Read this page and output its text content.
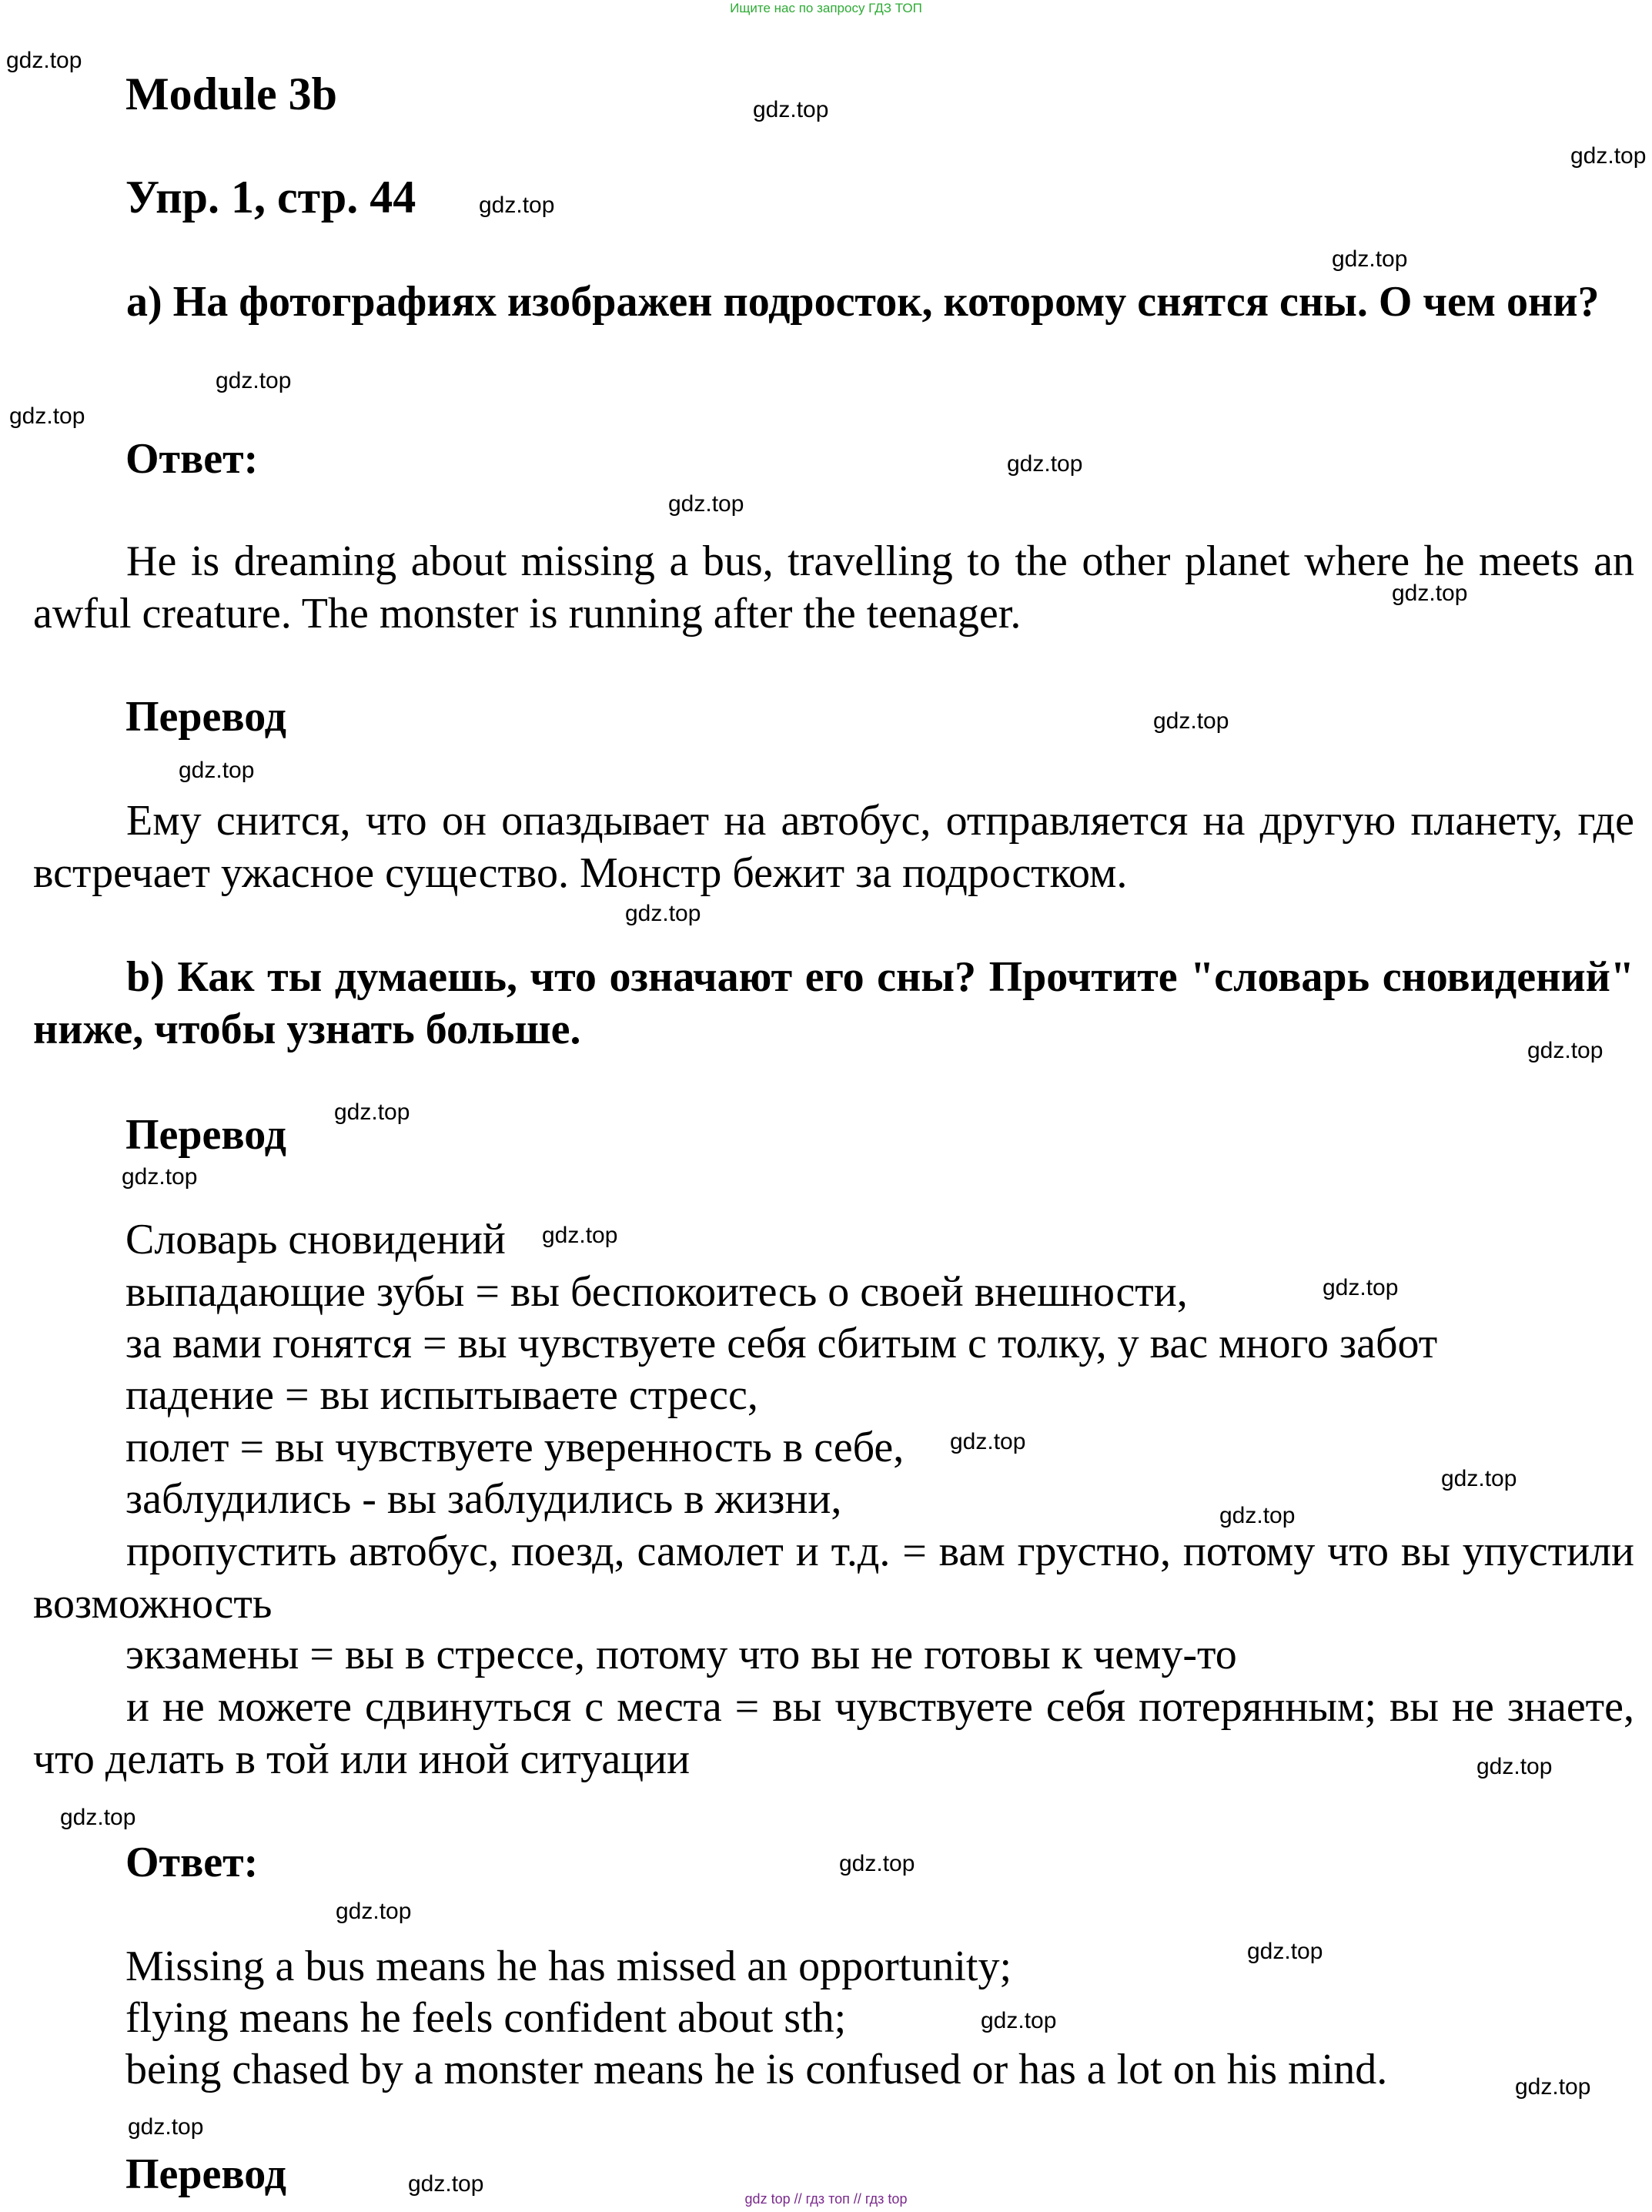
Ищите нас по запросу ГДЗ ТОП
Module 3b
Упр. 1, стр. 44

a) На фотографиях изображен подросток, которому снятся сны. О чем они?

Ответ:

He is dreaming about missing a bus, travelling to the other planet where he meets an awful creature. The monster is running after the teenager.

Перевод

Ему снится, что он опаздывает на автобус, отправляется на другую планету, где встречает ужасное существо. Монстр бежит за подростком.

b) Как ты думаешь, что означают его сны? Прочтите "словарь сновидений" ниже, чтобы узнать больше.

Перевод
Словарь сновидений
выпадающие зубы = вы беспокоитесь о своей внешности,
за вами гонятся = вы чувствуете себя сбитым с толку, у вас много забот
падение = вы испытываете стресс,
полет = вы чувствуете уверенность в себе,
заблудились - вы заблудились в жизни,

пропустить автобус, поезд, самолет и т.д. = вам грустно, потому что вы упустили возможность

экзамены = вы в стрессе, потому что вы не готовы к чему-то

и не можете сдвинуться с места = вы чувствуете себя потерянным; вы не знаете, что делать в той или иной ситуации

Ответ:
Missing a bus means he has missed an opportunity;
flying means he feels confident about sth;
being chased by a monster means he is confused or has a lot on his mind.
Перевод
gdz.top
gdz.top
gdz.top
gdz.top
gdz.top
gdz.top
gdz.top
gdz.top
gdz.top
gdz.top
gdz.top
gdz.top
gdz.top
gdz.top
gdz.top
gdz.top
gdz.top
gdz.top
gdz.top
gdz.top
gdz.top
gdz.top
gdz.top
gdz.top
gdz.top
gdz.top
gdz.top
gdz.top
gdz.top
gdz.top
gdz top // гдз топ // гдз top
